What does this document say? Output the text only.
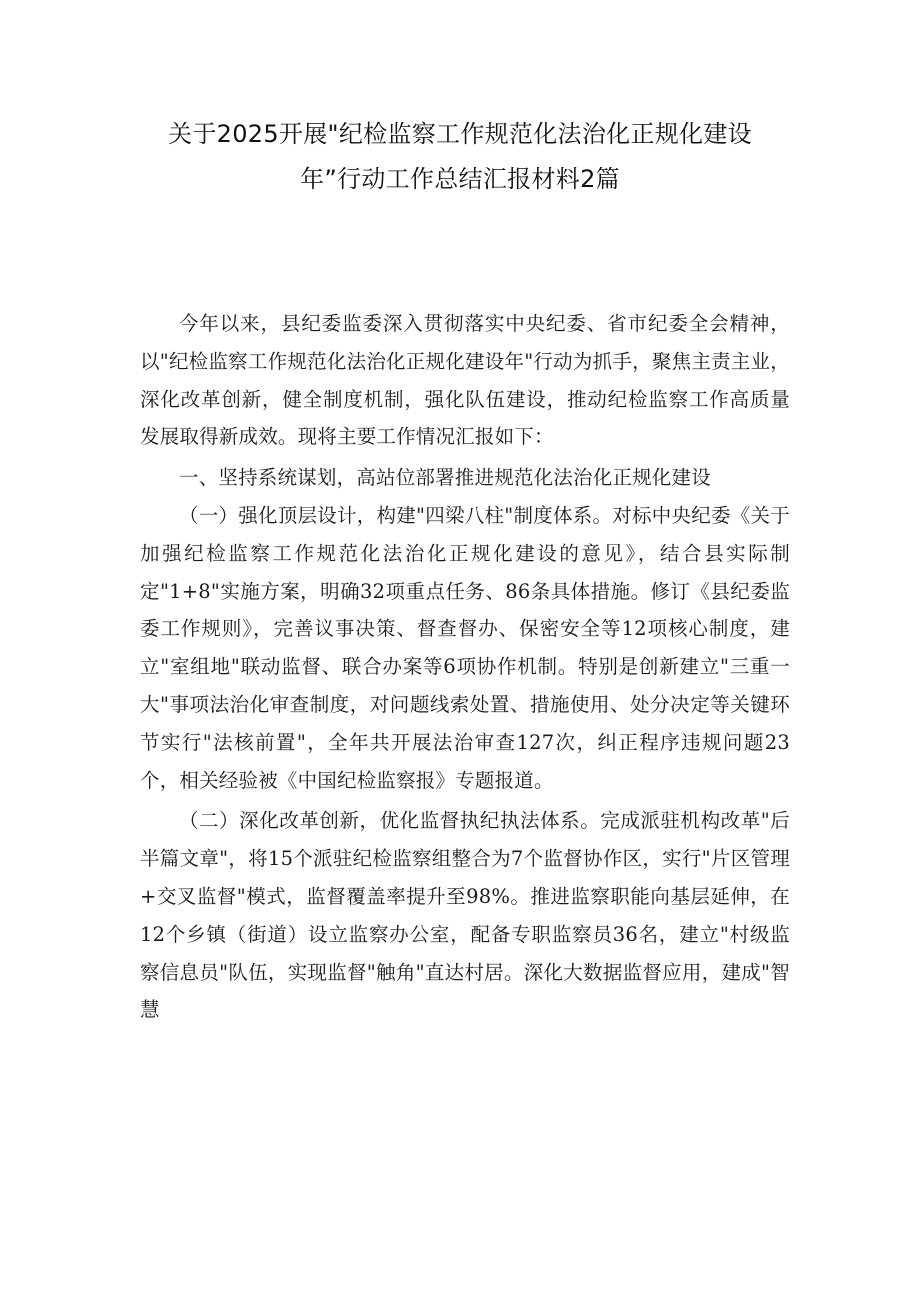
关于2025开展"纪检监察工作规范化法治化正规化建设
年”行动工作总结汇报材料2篇

今年以来，县纪委监委深入贯彻落实中央纪委、省市纪委全会精神，以"纪检监察工作规范化法治化正规化建设年"行动为抓手，聚焦主责主业，深化改革创新，健全制度机制，强化队伍建设，推动纪检监察工作高质量发展取得新成效。现将主要工作情况汇报如下：

一、坚持系统谋划，高站位部署推进规范化法治化正规化建设

（一）强化顶层设计，构建"四梁八柱"制度体系。对标中央纪委《关于加强纪检监察工作规范化法治化正规化建设的意见》，结合县实际制定"1+8"实施方案，明确32项重点任务、86条具体措施。修订《县纪委监委工作规则》，完善议事决策、督查督办、保密安全等12项核心制度，建立"室组地"联动监督、联合办案等6项协作机制。特别是创新建立"三重一大"事项法治化审查制度，对问题线索处置、措施使用、处分决定等关键环节实行"法核前置"，全年共开展法治审查127次，纠正程序违规问题23个，相关经验被《中国纪检监察报》专题报道。

（二）深化改革创新，优化监督执纪执法体系。完成派驻机构改革"后半篇文章"，将15个派驻纪检监察组整合为7个监督协作区，实行"片区管理+交叉监督"模式，监督覆盖率提升至98%。推进监察职能向基层延伸，在12个乡镇（街道）设立监察办公室，配备专职监察员36名，建立"村级监察信息员"队伍，实现监督"触角"直达村居。深化大数据监督应用，建成"智慧
